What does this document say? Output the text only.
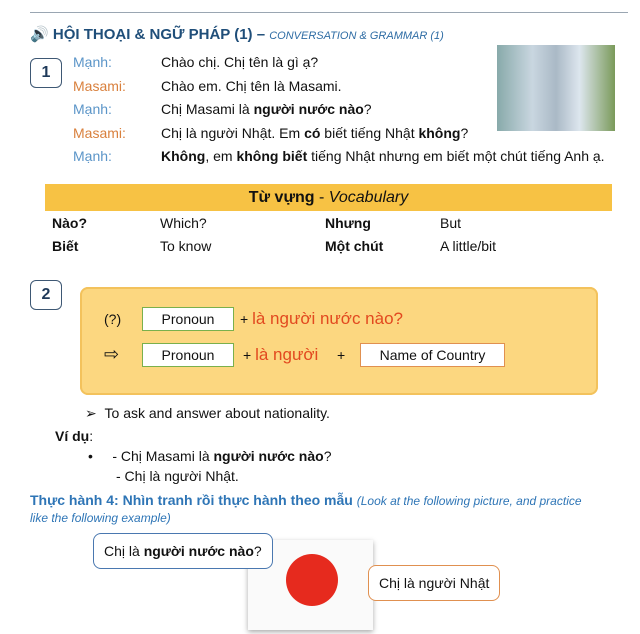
🔊 HỘI THOẠI & NGỮ PHÁP (1) – CONVERSATION & GRAMMAR (1)
1
Mạnh:	Chào chị. Chị tên là gì ạ?
Masami:	Chào em. Chị tên là Masami.
Mạnh:	Chị Masami là người nước nào?
Masami:	Chị là người Nhật. Em có biết tiếng Nhật không?
Mạnh:	Không, em không biết tiếng Nhật nhưng em biết một chút tiếng Anh ạ.
Từ vựng - Vocabulary
Nào?	Which?	Nhưng	But
Biết	To know	Một chút	A little/bit
2
(?)	Pronoun	+ là người nước nào?
⇨	Pronoun	+ là người +	Name of Country
➢  To ask and answer about nationality.
Ví dụ:
•     - Chị Masami là người nước nào?
- Chị là người Nhật.
Thực hành 4: Nhìn tranh rồi thực hành theo mẫu (Look at the following picture, and practice
like the following example)
Chị là người nước nào?
Chị là người Nhật
